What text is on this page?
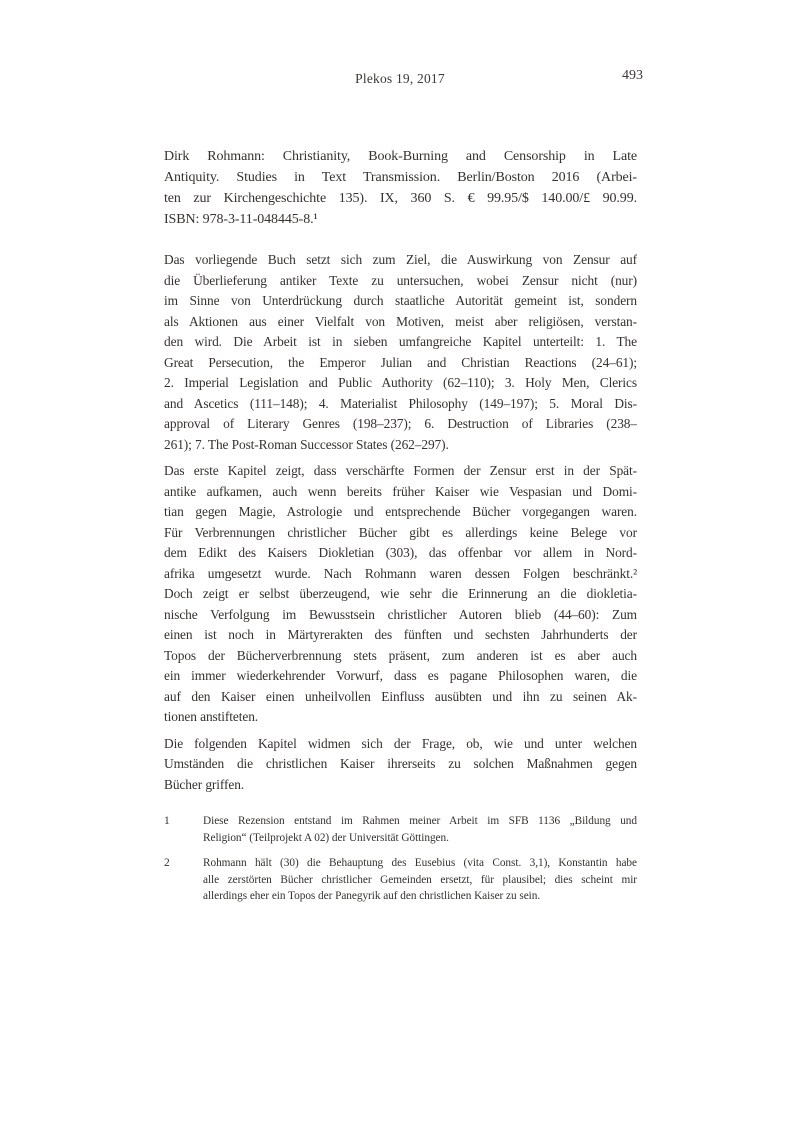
Plekos 19, 2017	493
Dirk Rohmann: Christianity, Book-Burning and Censorship in Late
Antiquity. Studies in Text Transmission. Berlin/Boston 2016 (Arbei-
ten zur Kirchengeschichte 135). IX, 360 S. € 99.95/$ 140.00/£ 90.99.
ISBN: 978-3-11-048445-8.¹
Das vorliegende Buch setzt sich zum Ziel, die Auswirkung von Zensur auf
die Überlieferung antiker Texte zu untersuchen, wobei Zensur nicht (nur)
im Sinne von Unterdrückung durch staatliche Autorität gemeint ist, sondern
als Aktionen aus einer Vielfalt von Motiven, meist aber religiösen, verstan-
den wird. Die Arbeit ist in sieben umfangreiche Kapitel unterteilt: 1. The
Great Persecution, the Emperor Julian and Christian Reactions (24–61);
2. Imperial Legislation and Public Authority (62–110); 3. Holy Men, Clerics
and Ascetics (111–148); 4. Materialist Philosophy (149–197); 5. Moral Dis-
approval of Literary Genres (198–237); 6. Destruction of Libraries (238–
261); 7. The Post-Roman Successor States (262–297).
Das erste Kapitel zeigt, dass verschärfte Formen der Zensur erst in der Spät-
antike aufkamen, auch wenn bereits früher Kaiser wie Vespasian und Domi-
tian gegen Magie, Astrologie und entsprechende Bücher vorgegangen waren.
Für Verbrennungen christlicher Bücher gibt es allerdings keine Belege vor
dem Edikt des Kaisers Diokletian (303), das offenbar vor allem in Nord-
afrika umgesetzt wurde. Nach Rohmann waren dessen Folgen beschränkt.²
Doch zeigt er selbst überzeugend, wie sehr die Erinnerung an die diokletia-
nische Verfolgung im Bewusstsein christlicher Autoren blieb (44–60): Zum
einen ist noch in Märtyrerakten des fünften und sechsten Jahrhunderts der
Topos der Bücherverbrennung stets präsent, zum anderen ist es aber auch
ein immer wiederkehrender Vorwurf, dass es pagane Philosophen waren, die
auf den Kaiser einen unheilvollen Einfluss ausübten und ihn zu seinen Ak-
tionen anstifteten.
Die folgenden Kapitel widmen sich der Frage, ob, wie und unter welchen
Umständen die christlichen Kaiser ihrerseits zu solchen Maßnahmen gegen
Bücher griffen.
1	Diese Rezension entstand im Rahmen meiner Arbeit im SFB 1136 „Bildung und
Religion“ (Teilprojekt A 02) der Universität Göttingen.
2	Rohmann hält (30) die Behauptung des Eusebius (vita Const. 3,1), Konstantin habe
alle zerstörten Bücher christlicher Gemeinden ersetzt, für plausibel; dies scheint mir
allerdings eher ein Topos der Panegyrik auf den christlichen Kaiser zu sein.
